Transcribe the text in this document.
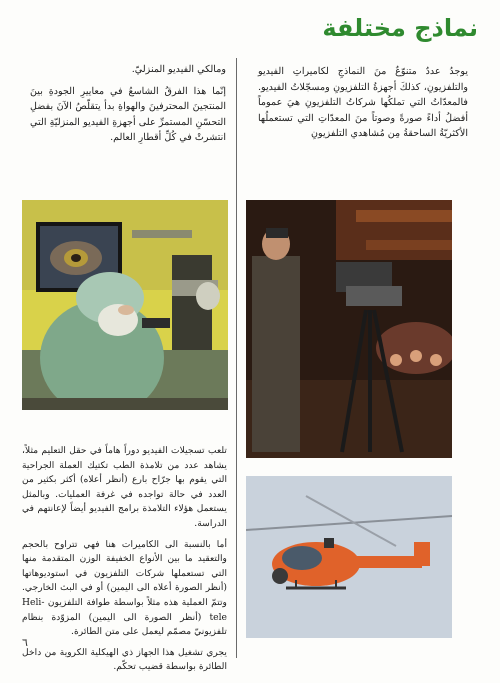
نماذج مختلفة

يوجدُ عددٌ متنوّعٌ منَ النماذجِ لكاميراتِ الفيديو والتلفزيونِ، كذلكَ أجهزةُ التلفزيونِ ومسجّلاتُ الفيديو. فالمعدّاتُ التي تملكُها شركاتُ التلفزيونِ هيَ عموماً أفضلُ أداءً صورةً وصوتاً منَ المعدّاتِ التي تستعملُها الأكثريّةُ الساحقةُ مِن مُشاهدي التلفزيونِ

ومالكي الفيديو المنزليّ.

إنّما هذا الفرقُ الشاسعُ في معاييرِ الجودةِ بينَ المنتجينَ المحترفينَ والهواةِ بدأ يتقلّصُ الآنَ بفضلِ التحسّنِ المستمرِّ على أجهزةِ الفيديو المنزليّةِ التي انتشرتْ في كُلِّ أقطارِ العالم.

تلعب تسجيلات الفيديو دوراً هاماً في حقل التعليم مثلاً، يشاهد عدد من تلامذة الطب تكتيك العملة الجراحية التي يقوم بها جرّاح بارع (أنظر أعلاه) أكثر بكثير من العدد في حالة تواجده في غرفة العمليات. وبالمثل يستعمل هؤلاء التلامذة برامج الفيديو أيضاً لإعانتهم في الدراسة.

أما بالنسبة الى الكاميرات هنا فهي تتراوح بالحجم والتعقيد ما بين الأنواع الخفيفة الوزن المتقدمة منها التي تستعملها شركات التلفزيون في استوديوهاتها (أنظر الصورة أعلاه الى اليمين) أو في البث الخارجي. وتتمّ العملية هذه مثلاً بواسطة طوافة التلفزيون Heli-tele (أنظر الصورة الى اليمين) المزوّدة بنظام تلفزيونيّ مصمّم ليعمل على متن الطائرة.

يجري تشغيل هذا الجهاز ذي الهيكلية الكروية من داخل الطائرة بواسطة قضيب تحكّم.

٦
